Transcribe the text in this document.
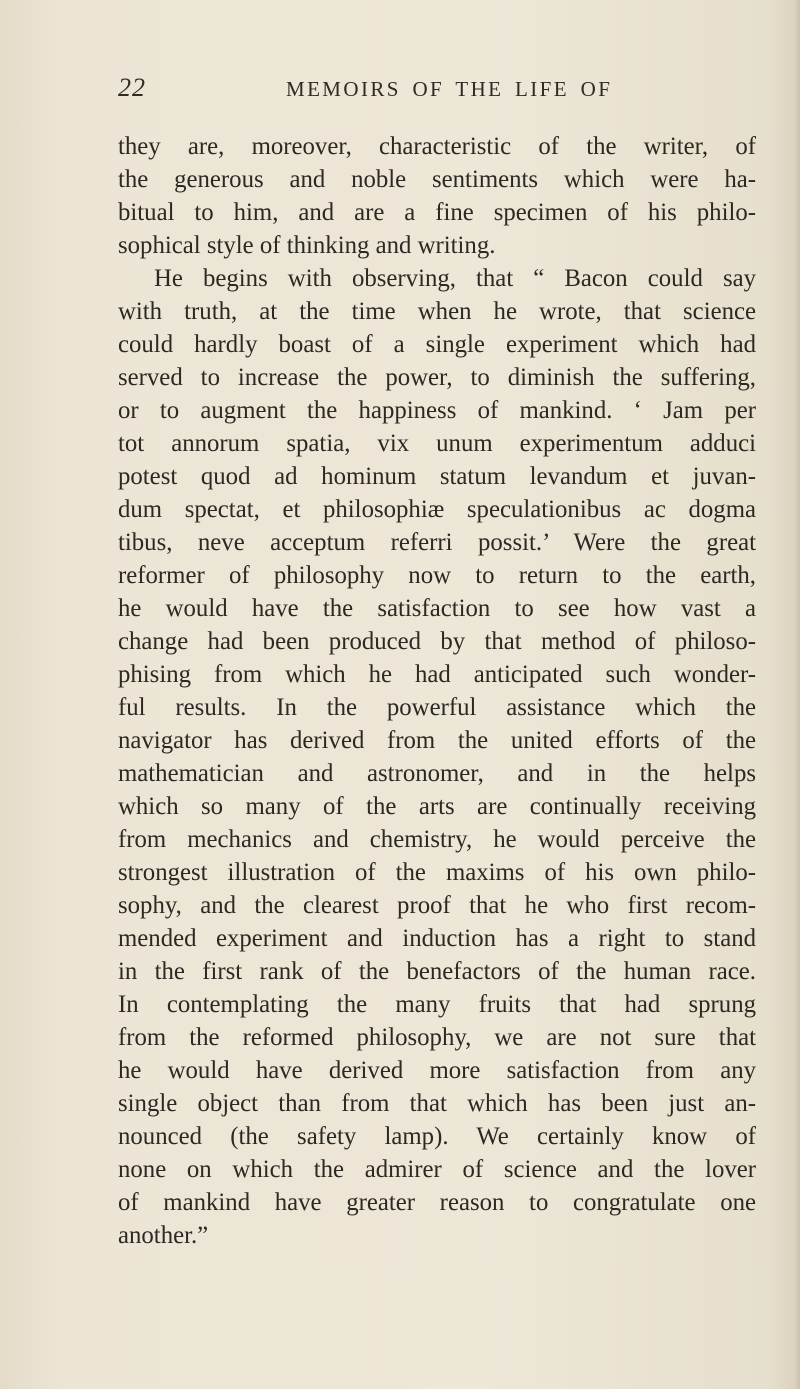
22	MEMOIRS OF THE LIFE OF
they are, moreover, characteristic of the writer, of
the generous and noble sentiments which were ha-
bitual to him, and are a fine specimen of his philo-
sophical style of thinking and writing.
He begins with observing, that “ Bacon could say
with truth, at the time when he wrote, that science
could hardly boast of a single experiment which had
served to increase the power, to diminish the suffering,
or to augment the happiness of mankind. ‘ Jam per
tot annorum spatia, vix unum experimentum adduci
potest quod ad hominum statum levandum et juvan-
dum spectat, et philosophiæ speculationibus ac dogma
tibus, neve acceptum referri possit.’ Were the great
reformer of philosophy now to return to the earth,
he would have the satisfaction to see how vast a
change had been produced by that method of philoso-
phising from which he had anticipated such wonder-
ful results. In the powerful assistance which the
navigator has derived from the united efforts of the
mathematician and astronomer, and in the helps
which so many of the arts are continually receiving
from mechanics and chemistry, he would perceive the
strongest illustration of the maxims of his own philo-
sophy, and the clearest proof that he who first recom-
mended experiment and induction has a right to stand
in the first rank of the benefactors of the human race.
In contemplating the many fruits that had sprung
from the reformed philosophy, we are not sure that
he would have derived more satisfaction from any
single object than from that which has been just an-
nounced (the safety lamp). We certainly know of
none on which the admirer of science and the lover
of mankind have greater reason to congratulate one
another.”
